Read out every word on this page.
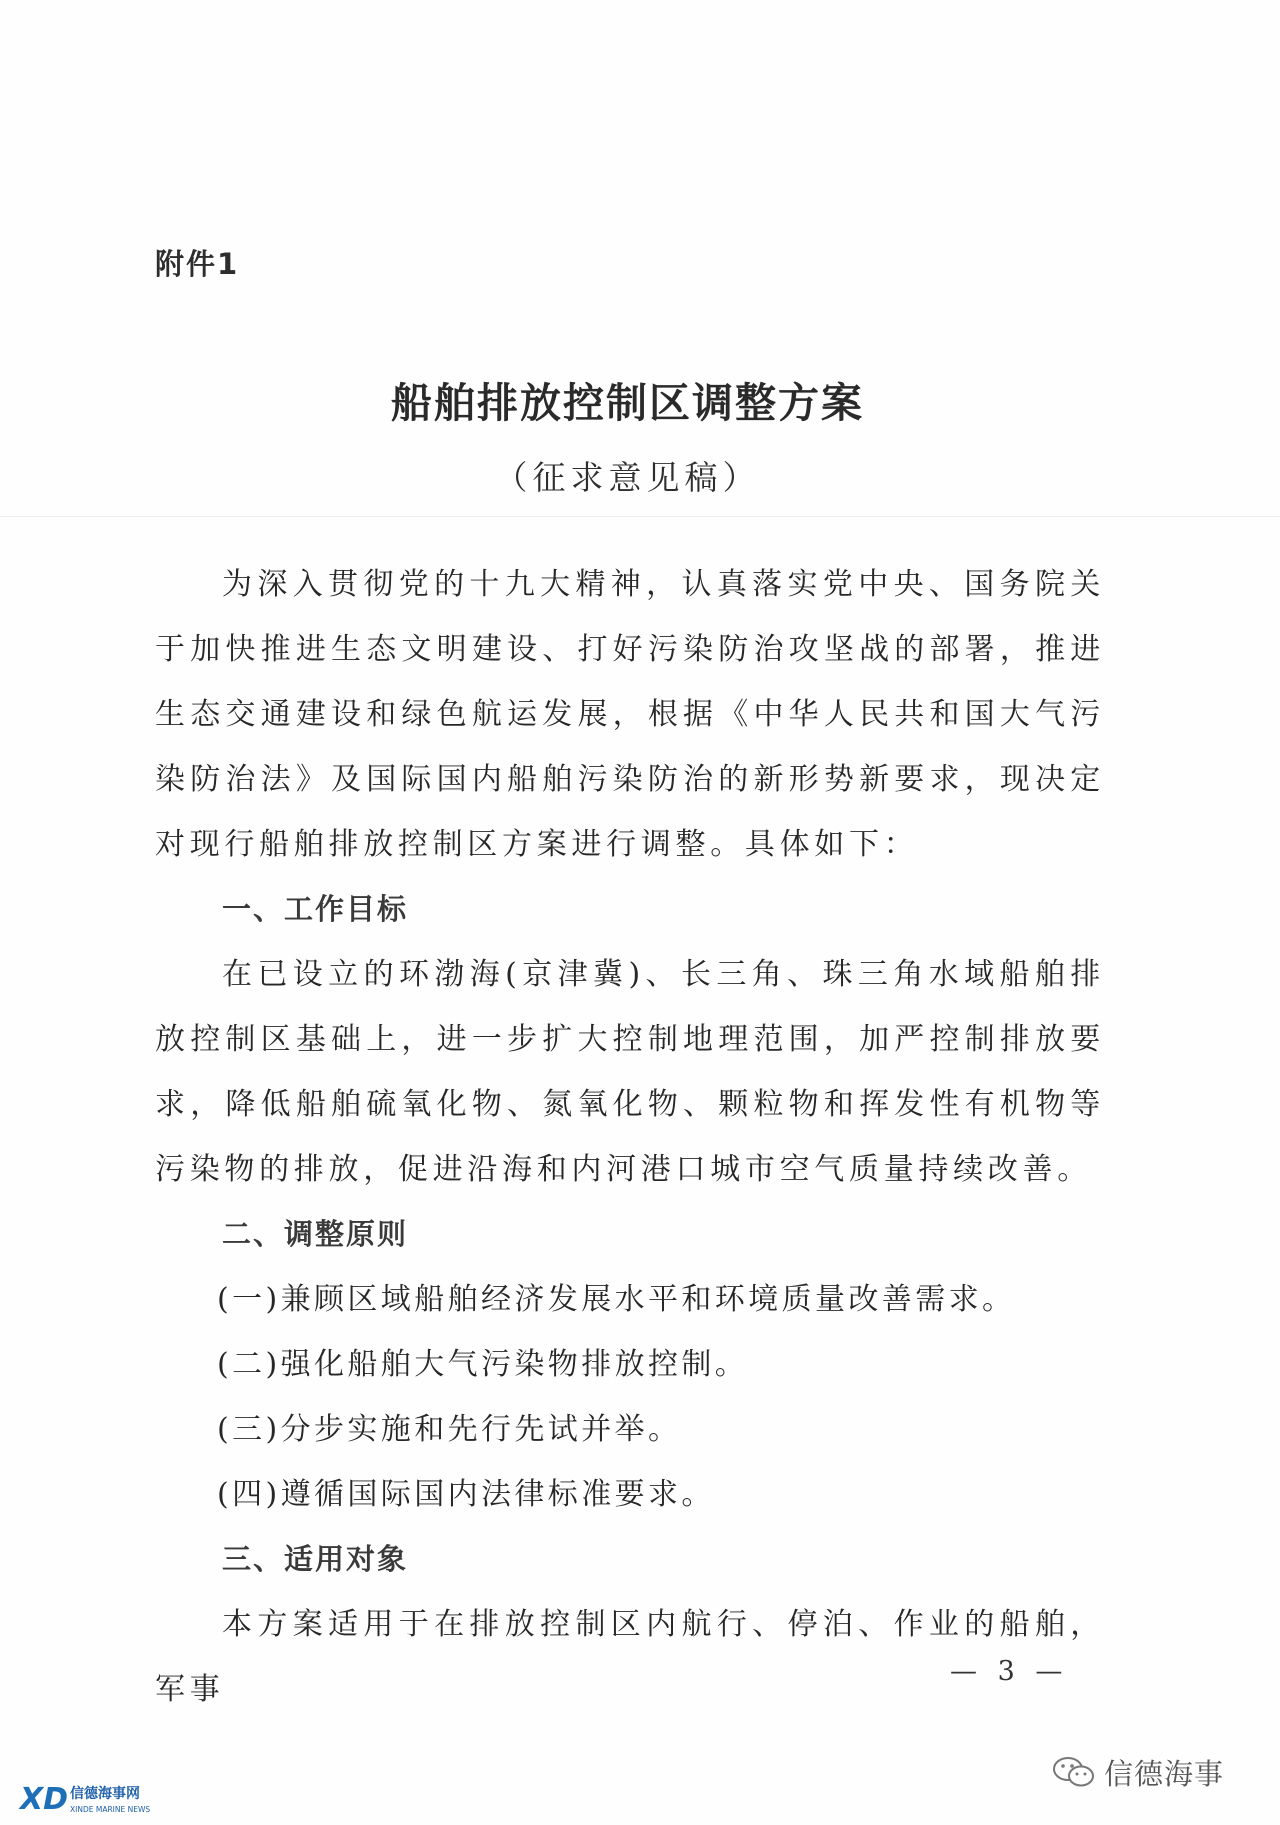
附件1
船舶排放控制区调整方案
（征求意见稿）

为深入贯彻党的十九大精神，认真落实党中央、国务院关于加快推进生态文明建设、打好污染防治攻坚战的部署，推进生态交通建设和绿色航运发展，根据《中华人民共和国大气污染防治法》及国际国内船舶污染防治的新形势新要求，现决定对现行船舶排放控制区方案进行调整。具体如下：

一、工作目标

在已设立的环渤海(京津冀)、长三角、珠三角水域船舶排放控制区基础上，进一步扩大控制地理范围，加严控制排放要求，降低船舶硫氧化物、氮氧化物、颗粒物和挥发性有机物等污染物的排放，促进沿海和内河港口城市空气质量持续改善。

二、调整原则

(一)兼顾区域船舶经济发展水平和环境质量改善需求。

(二)强化船舶大气污染物排放控制。

(三)分步实施和先行先试并举。

(四)遵循国际国内法律标准要求。

三、适用对象

本方案适用于在排放控制区内航行、停泊、作业的船舶，军事

— 3 —
XD 信德海事网
XINDE MARINE NEWS
信德海事
